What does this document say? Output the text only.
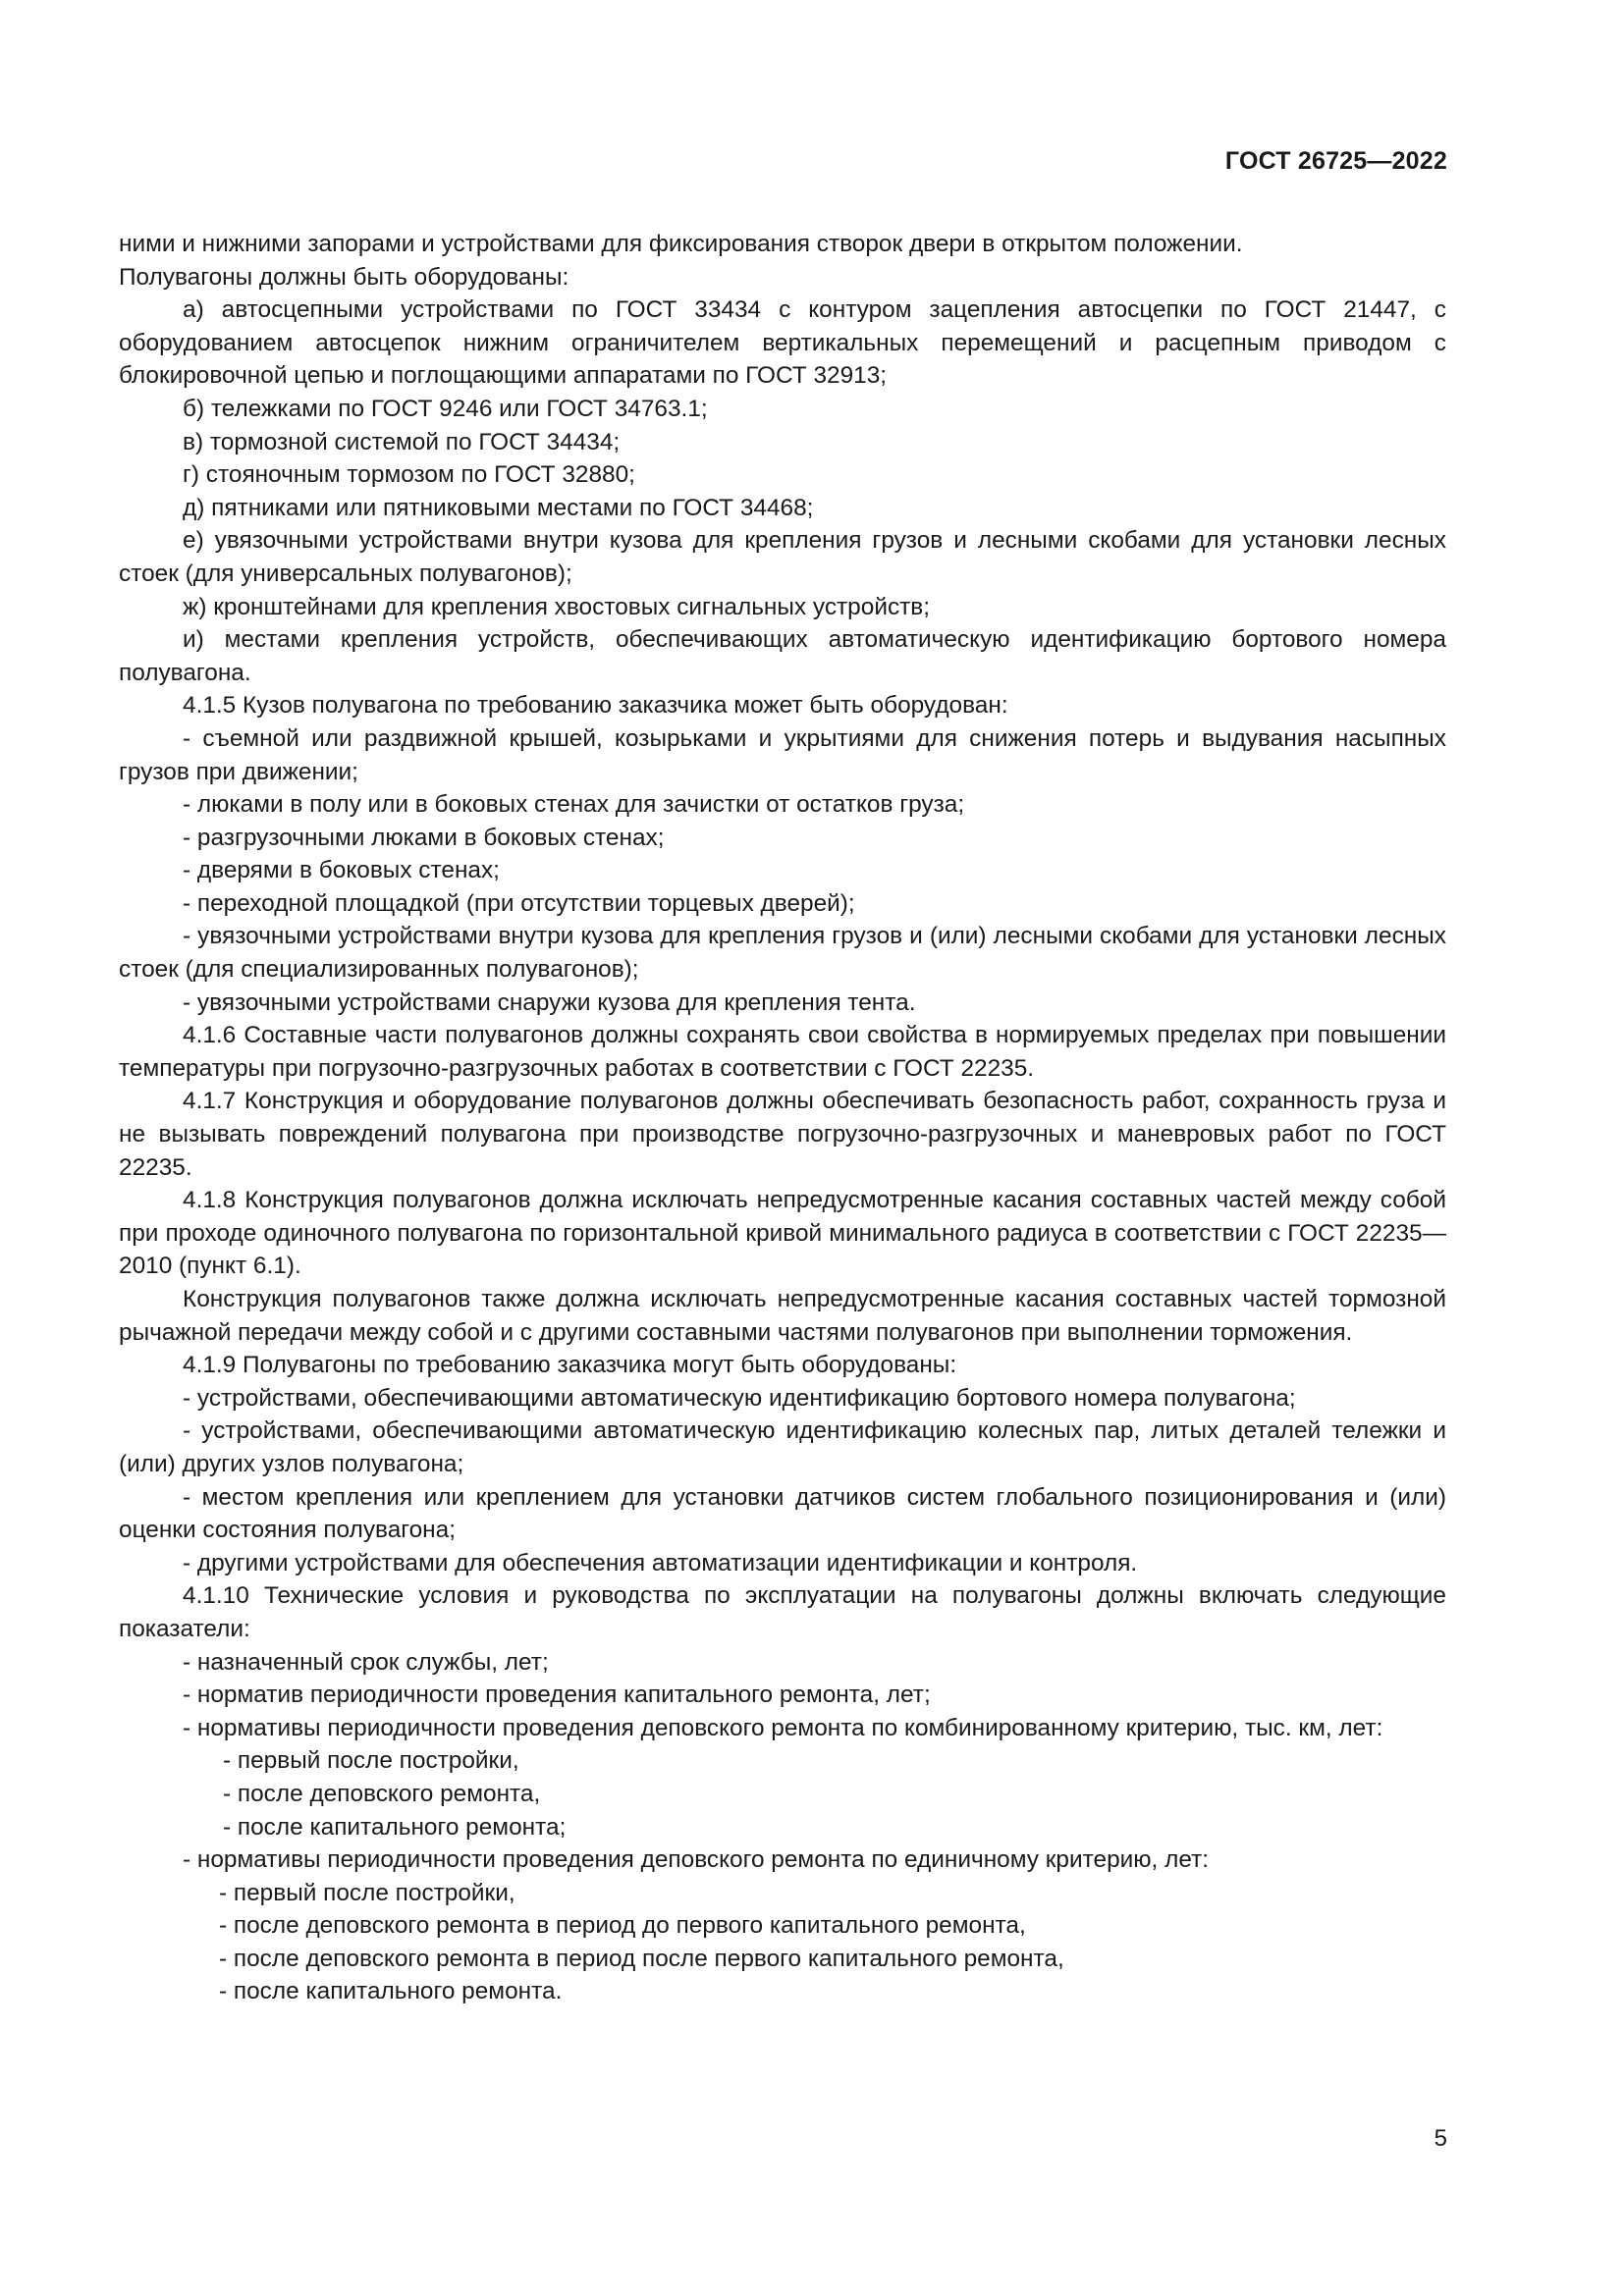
ГОСТ 26725—2022

ними и нижними запорами и устройствами для фиксирования створок двери в открытом положении.

Полувагоны должны быть оборудованы:

а) автосцепными устройствами по ГОСТ 33434 с контуром зацепления автосцепки по ГОСТ 21447, с оборудованием автосцепок нижним ограничителем вертикальных перемещений и расцепным приводом с блокировочной цепью и поглощающими аппаратами по ГОСТ 32913;

б) тележками по ГОСТ 9246 или ГОСТ 34763.1;

в) тормозной системой по ГОСТ 34434;

г) стояночным тормозом по ГОСТ 32880;

д) пятниками или пятниковыми местами по ГОСТ 34468;

е) увязочными устройствами внутри кузова для крепления грузов и лесными скобами для установки лесных стоек (для универсальных полувагонов);

ж) кронштейнами для крепления хвостовых сигнальных устройств;

и) местами крепления устройств, обеспечивающих автоматическую идентификацию бортового номера полувагона.

4.1.5 Кузов полувагона по требованию заказчика может быть оборудован:

- съемной или раздвижной крышей, козырьками и укрытиями для снижения потерь и выдувания насыпных грузов при движении;

- люками в полу или в боковых стенах для зачистки от остатков груза;

- разгрузочными люками в боковых стенах;

- дверями в боковых стенах;

- переходной площадкой (при отсутствии торцевых дверей);

- увязочными устройствами внутри кузова для крепления грузов и (или) лесными скобами для установки лесных стоек (для специализированных полувагонов);

- увязочными устройствами снаружи кузова для крепления тента.

4.1.6 Составные части полувагонов должны сохранять свои свойства в нормируемых пределах при повышении температуры при погрузочно-разгрузочных работах в соответствии с ГОСТ 22235.

4.1.7 Конструкция и оборудование полувагонов должны обеспечивать безопасность работ, сохранность груза и не вызывать повреждений полувагона при производстве погрузочно-разгрузочных и маневровых работ по ГОСТ 22235.

4.1.8 Конструкция полувагонов должна исключать непредусмотренные касания составных частей между собой при проходе одиночного полувагона по горизонтальной кривой минимального радиуса в соответствии с ГОСТ 22235—2010 (пункт 6.1).

Конструкция полувагонов также должна исключать непредусмотренные касания составных частей тормозной рычажной передачи между собой и с другими составными частями полувагонов при выполнении торможения.

4.1.9 Полувагоны по требованию заказчика могут быть оборудованы:

- устройствами, обеспечивающими автоматическую идентификацию бортового номера полувагона;

- устройствами, обеспечивающими автоматическую идентификацию колесных пар, литых деталей тележки и (или) других узлов полувагона;

- местом крепления или креплением для установки датчиков систем глобального позиционирования и (или) оценки состояния полувагона;

- другими устройствами для обеспечения автоматизации идентификации и контроля.

4.1.10 Технические условия и руководства по эксплуатации на полувагоны должны включать следующие показатели:

- назначенный срок службы, лет;

- норматив периодичности проведения капитального ремонта, лет;

- нормативы периодичности проведения деповского ремонта по комбинированному критерию, тыс. км, лет:

- первый после постройки,

- после деповского ремонта,

- после капитального ремонта;

- нормативы периодичности проведения деповского ремонта по единичному критерию, лет:

- первый после постройки,

- после деповского ремонта в период до первого капитального ремонта,

- после деповского ремонта в период после первого капитального ремонта,

- после капитального ремонта.

5
